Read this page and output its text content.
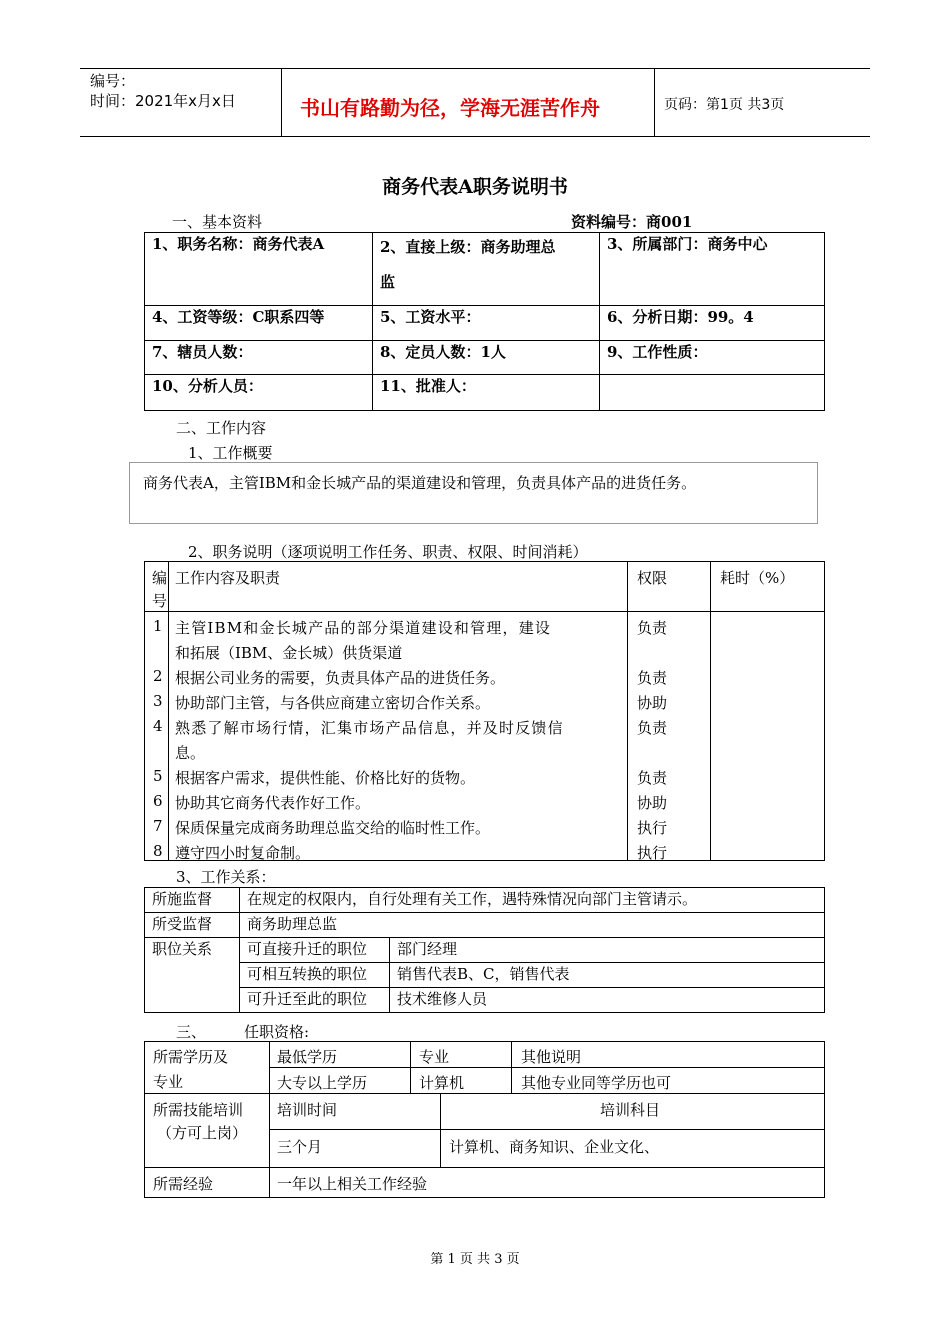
编号：
时间：2021年x月x日	书山有路勤为径，学海无涯苦作舟	页码：第1页 共3页
商务代表A职务说明书
一、基本资料	资料编号：商001
1、职务名称：商务代表A	2、直接上级：商务助理总
监	3、所属部门：商务中心
4、工资等级：C职系四等	5、工资水平：	6、分析日期：99。4
7、辖员人数：	8、定员人数：1人	9、工作性质：
10、分析人员：	11、批准人：	
二、工作内容
1、工作概要
商务代表A，主管IBM和金长城产品的渠道建设和管理，负责具体产品的进货任务。
2、职务说明（逐项说明工作任务、职责、权限、时间消耗）
编
号
工作内容及职责	权限	耗时（%）
1 主管IBM和金长城产品的部分渠道建设和管理，建设
和拓展（IBM、金长城）供货渠道
负责
2 根据公司业务的需要，负责具体产品的进货任务。	负责
3 协助部门主管，与各供应商建立密切合作关系。	协助
4 熟悉了解市场行情，汇集市场产品信息，并及时反馈信
息。
负责
5 根据客户需求，提供性能、价格比好的货物。	负责
6 协助其它商务代表作好工作。	协助
7 保质保量完成商务助理总监交给的临时性工作。	执行
8 遵守四小时复命制。	执行
3、工作关系：
所施监督	在规定的权限内，自行处理有关工作，遇特殊情况向部门主管请示。	
所受监督	商务助理总监	
职位关系	可直接升迁的职位	部门经理
	可相互转换的职位	销售代表B、C，销售代表
	可升迁至此的职位	技术维修人员
三、	任职资格:
所需学历及
专业
最低学历	专业	其他说明
大专以上学历	计算机	其他专业同等学历也可
所需技能培训
（方可上岗）
培训时间	培训科目
三个月	计算机、商务知识、企业文化、
所需经验	一年以上相关工作经验
第 1 页 共 3 页
